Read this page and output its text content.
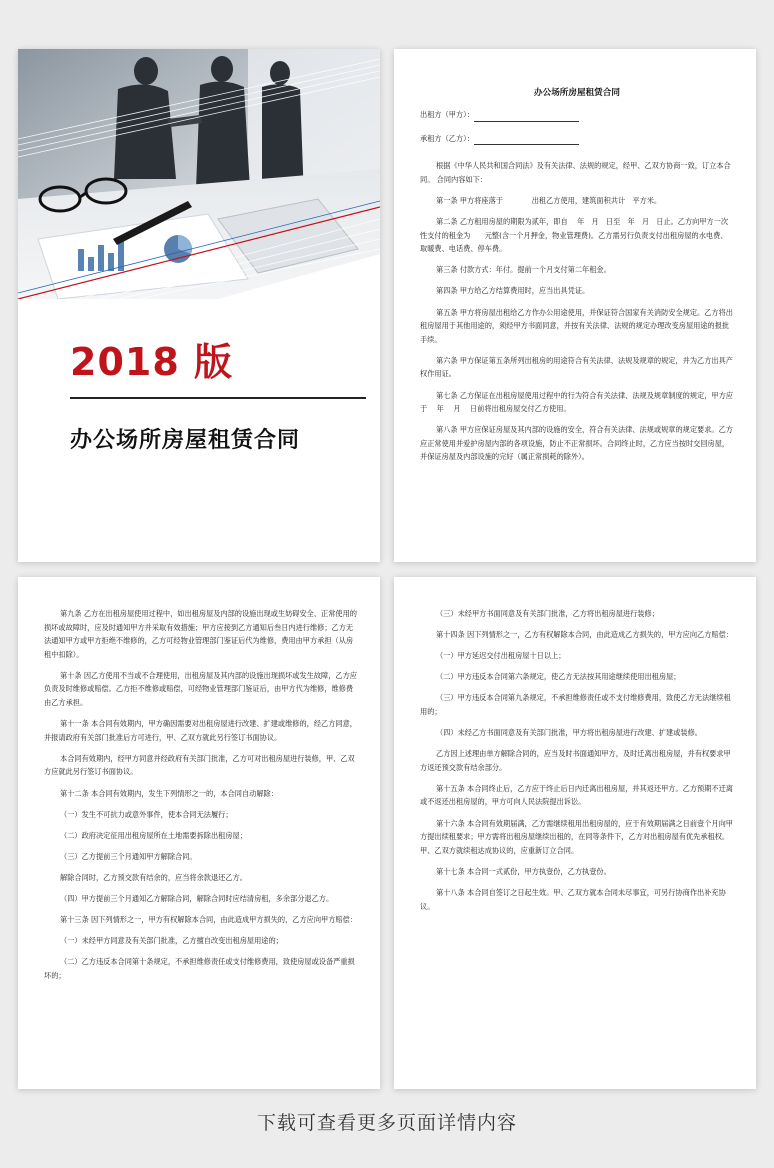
2018 版
办公场所房屋租赁合同

办公场所房屋租赁合同

出租方（甲方）：

承租方（乙方）：

根据《中华人民共和国合同法》及有关法律、法规的规定，经甲、乙双方协商一致，订立本合同。 合同内容如下：

第一条 甲方将座落于　　　　出租乙方使用，建筑面积共计　平方米。

第二条 乙方租用房屋的期限为贰年，即自　 年　月　日至　年　月　日止。乙方向甲方一次性支付的租金为　　元整(含一个月押金，物业管理费)。乙方需另行负责支付出租房屋的水电费、取暖费、电话费、停车费。

第三条 付款方式：年付。提前一个月支付第二年租金。

第四条 甲方给乙方结算费用时，应当出具凭证。

第五条 甲方将房屋出租给乙方作办公用途使用，并保证符合国家有关消防安全规定。乙方将出租房屋用于其他用途的，须经甲方书面同意，并按有关法律、法规的规定办理改变房屋用途的报批手续。

第六条 甲方保证第五条所列出租房的用途符合有关法律、法规及规章的规定，并为乙方出具产权作用证。

第七条 乙方保证在出租房屋使用过程中的行为符合有关法律、法规及规章制度的规定，甲方应于　 年　 月　 日前将出租房屋交付乙方使用。

第八条 甲方应保证房屋及其内部的设施的安全，符合有关法律、法规或规章的规定要求。乙方应正常使用并爱护房屋内部的各项设施，防止不正常损坏。合同终止时，乙方应当按时交回房屋，并保证房屋及内部设施的完好（属正常损耗的除外）。

第九条 乙方在出租房屋使用过程中，如出租房屋及内部的设施出现或生妨碍安全、正常使用的损坏或故障时，应及时通知甲方并采取有效措施；甲方应接到乙方通知后叁日内进行维修；乙方无法通知甲方或甲方拒绝不维修的，乙方可经物业管理部门鉴证后代为维修，费用由甲方承担（从房租中扣除）。

第十条 因乙方使用不当或不合理使用，出租房屋及其内部的设施出现损坏或发生故障，乙方应负责及时维修或赔偿。乙方拒不维修或赔偿，可经物业管理部门鉴证后，由甲方代为维修，维修费由乙方承担。

第十一条 本合同有效期内，甲方确因需要对出租房屋进行改建、扩建或维修的，经乙方同意，并报请政府有关部门批准后方可进行，甲、乙双方就此另行签订书面协议。

本合同有效期内，经甲方同意并经政府有关部门批准，乙方可对出租房屋进行装修，甲、乙双方应就此另行签订书面协议。

第十二条 本合同有效期内，发生下列情形之一的，本合同自动解除：

（一）发生不可抗力或意外事件，使本合同无法履行；

（二）政府决定征用出租房屋所在土地需要拆除出租房屋；

（三）乙方提前三个月通知甲方解除合同。

解除合同时，乙方预交款有结余的，应当将余款退还乙方。

（四）甲方提前三个月通知乙方解除合同，解除合同时应结清房租，多余部分退乙方。

第十三条 因下列情形之一，甲方有权解除本合同，由此造成甲方损失的，乙方应向甲方赔偿：

（一）未经甲方同意及有关部门批准，乙方擅自改变出租房屋用途的；

（二）乙方违反本合同第十条规定，不承担维修责任或支付维修费用，致使房屋或设备严重损坏的；

（三）未经甲方书面同意及有关部门批准，乙方将出租房屋进行装修；

第十四条 因下列情形之一，乙方有权解除本合同，由此造成乙方损失的，甲方应向乙方赔偿：

（一）甲方延迟交付出租房屋十日以上；

（二）甲方违反本合同第六条规定，使乙方无法按其用途继续使用出租房屋；

（三）甲方违反本合同第九条规定，不承担维修责任或不支付维修费用，致使乙方无法继续租用的；

（四）未经乙方书面同意及有关部门批准，甲方将出租房屋进行改建、扩建或装修。

乙方因上述理由单方解除合同的，应当及时书面通知甲方，及时迁离出租房屋，并有权要求甲方返还预交款有结余部分。

第十五条 本合同终止后，乙方应于终止后日内迁离出租房屋，并其返还甲方。乙方预期不迁离或不返还出租房屋的，甲方可向人民法院提出诉讼。

第十六条 本合同有效期届满，乙方需继续租用出租房屋的，应于有效期届满之日前壹个月向甲方提出续租要求；甲方需将出租房屋继续出租的，在同等条件下，乙方对出租房屋有优先承租权。甲、乙双方就续租达成协议的，应重新订立合同。

第十七条 本合同一式贰份，甲方执壹份，乙方执壹份。

第十八条 本合同自签订之日起生效。甲、乙双方就本合同未尽事宜，可另行协商作出补充协议。

下载可查看更多页面详情内容
